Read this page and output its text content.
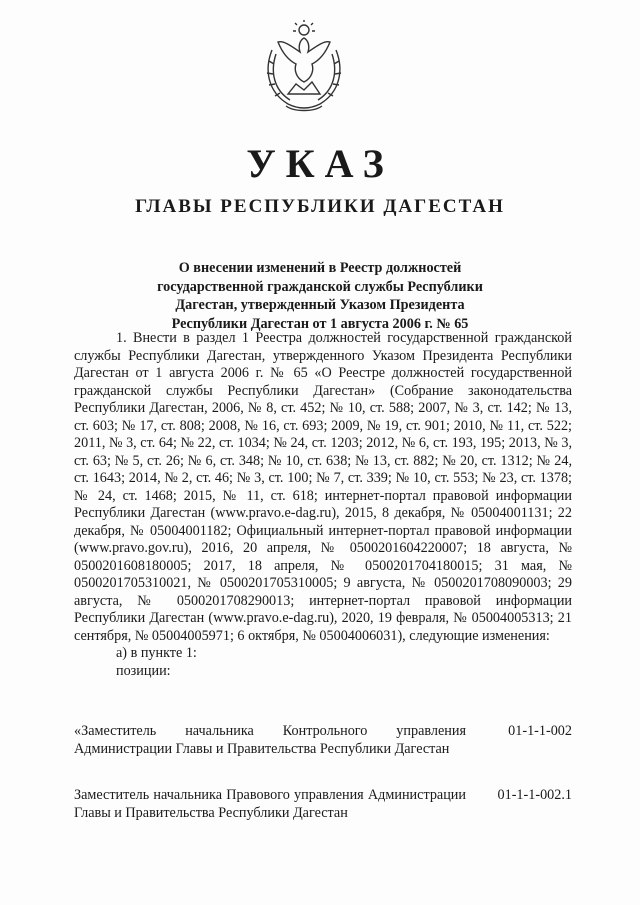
УКАЗ
ГЛАВЫ РЕСПУБЛИКИ ДАГЕСТАН
О внесении изменений в Реестр должностей
государственной гражданской службы Республики
Дагестан, утвержденный Указом Президента
Республики Дагестан от 1 августа 2006 г. № 65

1. Внести в раздел 1 Реестра должностей государственной гражданской службы Республики Дагестан, утвержденного Указом Президента Республики Дагестан от 1 августа 2006 г. № 65 «О Реестре должностей государственной гражданской службы Республики Дагестан» (Собрание законодательства Республики Дагестан, 2006, № 8, ст. 452; № 10, ст. 588; 2007, № 3, ст. 142; № 13, ст. 603; № 17, ст. 808; 2008, № 16, ст. 693; 2009, № 19, ст. 901; 2010, № 11, ст. 522; 2011, № 3, ст. 64; № 22, ст. 1034; № 24, ст. 1203; 2012, № 6, ст. 193, 195; 2013, № 3, ст. 63; № 5, ст. 26; № 6, ст. 348; № 10, ст. 638; № 13, ст. 882; № 20, ст. 1312; № 24, ст. 1643; 2014, № 2, ст. 46; № 3, ст. 100; № 7, ст. 339; № 10, ст. 553; № 23, ст. 1378; № 24, ст. 1468; 2015, № 11, ст. 618; интернет-портал правовой информации Республики Дагестан (www.pravo.e-dag.ru), 2015, 8 декабря, № 05004001131; 22 декабря, № 05004001182; Официальный интернет-портал правовой информации (www.pravo.gov.ru), 2016, 20 апреля, № 0500201604220007; 18 августа, № 0500201608180005; 2017, 18 апреля, № 0500201704180015; 31 мая, № 0500201705310021, № 0500201705310005; 9 августа, № 0500201708090003; 29 августа, № 0500201708290013; интернет-портал правовой информации Республики Дагестан (www.pravo.e-dag.ru), 2020, 19 февраля, № 05004005313; 21 сентября, № 05004005971; 6 октября, № 05004006031), следующие изменения:

а) в пункте 1:
позиции:
«Заместитель начальника Контрольного управления Администрации Главы и Правительства Республики Дагестан
01-1-1-002
Заместитель начальника Правового управления Администрации Главы и Правительства Республики Дагестан
01-1-1-002.1
